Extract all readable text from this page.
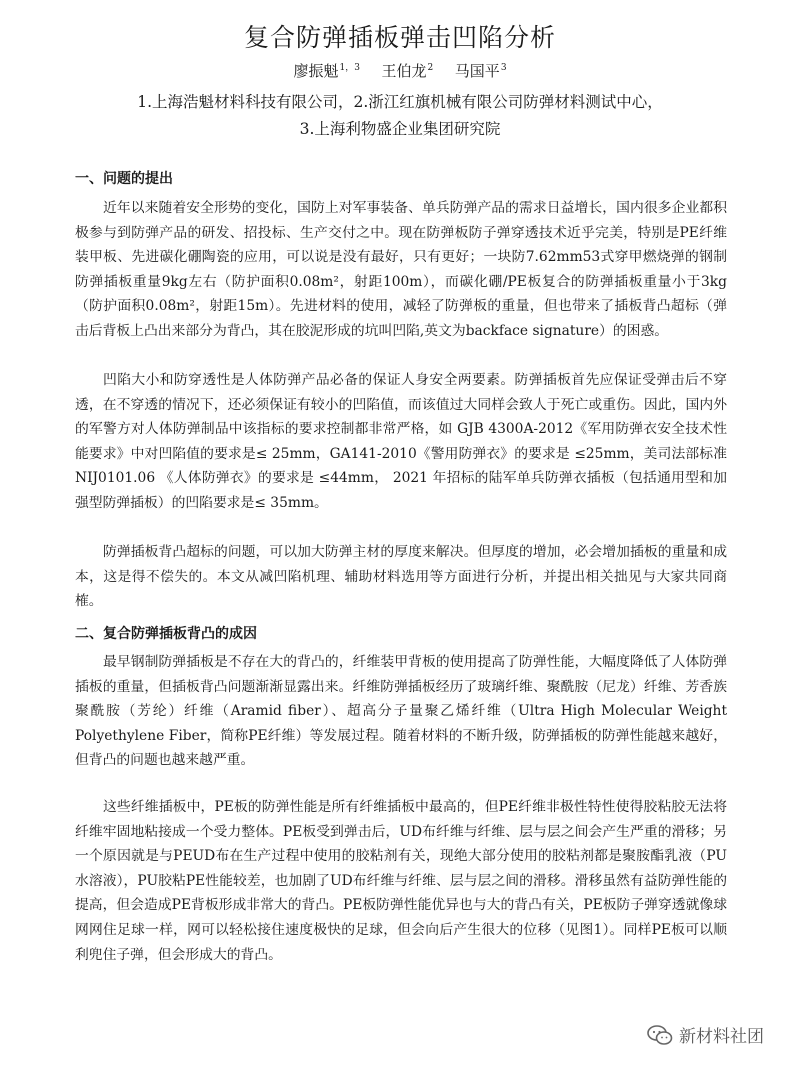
复合防弹插板弹击凹陷分析
廖振魁$^{1,3}$ 王伯龙$^2$ 马国平$^3$
1.上海浩魁材料科技有限公司，2.浙江红旗机械有限公司防弹材料测试中心，
3.上海利物盛企业集团研究院
一、问题的提出

近年以来随着安全形势的变化，国防上对军事装备、单兵防弹产品的需求日益增长，国内很多企业都积极参与到防弹产品的研发、招投标、生产交付之中。现在防弹板防子弹穿透技术近乎完美，特别是PE纤维装甲板、先进碳化硼陶瓷的应用，可以说是没有最好，只有更好；一块防7.62mm53式穿甲燃烧弹的钢制防弹插板重量9kg左右（防护面积0.08m²，射距100m），而碳化硼/PE板复合的防弹插板重量小于3kg（防护面积0.08m²，射距15m）。先进材料的使用，减轻了防弹板的重量，但也带来了插板背凸超标（弹击后背板上凸出来部分为背凸，其在胶泥形成的坑叫凹陷,英文为backface signature）的困惑。

凹陷大小和防穿透性是人体防弹产品必备的保证人身安全两要素。防弹插板首先应保证受弹击后不穿透，在不穿透的情况下，还必须保证有较小的凹陷值，而该值过大同样会致人于死亡或重伤。因此，国内外的军警方对人体防弹制品中该指标的要求控制都非常严格，如 GJB 4300A-2012《军用防弹衣安全技术性能要求》中对凹陷值的要求是≤ 25mm，GA141-2010《警用防弹衣》的要求是 ≤25mm，美司法部标准 NIJ0101.06 《人体防弹衣》的要求是 ≤44mm， 2021 年招标的陆军单兵防弹衣插板（包括通用型和加强型防弹插板）的凹陷要求是≤ 35mm。

防弹插板背凸超标的问题，可以加大防弹主材的厚度来解决。但厚度的增加，必会增加插板的重量和成本，这是得不偿失的。本文从减凹陷机理、辅助材料选用等方面进行分析，并提出相关拙见与大家共同商榷。

二、复合防弹插板背凸的成因

最早钢制防弹插板是不存在大的背凸的，纤维装甲背板的使用提高了防弹性能，大幅度降低了人体防弹插板的重量，但插板背凸问题渐渐显露出来。纤维防弹插板经历了玻璃纤维、聚酰胺（尼龙）纤维、芳香族聚酰胺（芳纶）纤维（Aramid fiber）、超高分子量聚乙烯纤维（Ultra High Molecular Weight Polyethylene Fiber，简称PE纤维）等发展过程。随着材料的不断升级，防弹插板的防弹性能越来越好，但背凸的问题也越来越严重。

这些纤维插板中，PE板的防弹性能是所有纤维插板中最高的，但PE纤维非极性特性使得胶粘胶无法将纤维牢固地粘接成一个受力整体。PE板受到弹击后，UD布纤维与纤维、层与层之间会产生严重的滑移；另一个原因就是与PEUD布在生产过程中使用的胶粘剂有关，现绝大部分使用的胶粘剂都是聚胺酯乳液（PU水溶液），PU胶粘PE性能较差，也加剧了UD布纤维与纤维、层与层之间的滑移。滑移虽然有益防弹性能的提高，但会造成PE背板形成非常大的背凸。PE板防弹性能优异也与大的背凸有关，PE板防子弹穿透就像球网网住足球一样，网可以轻松接住速度极快的足球，但会向后产生很大的位移（见图1）。同样PE板可以顺利兜住子弹，但会形成大的背凸。

新材料社团
